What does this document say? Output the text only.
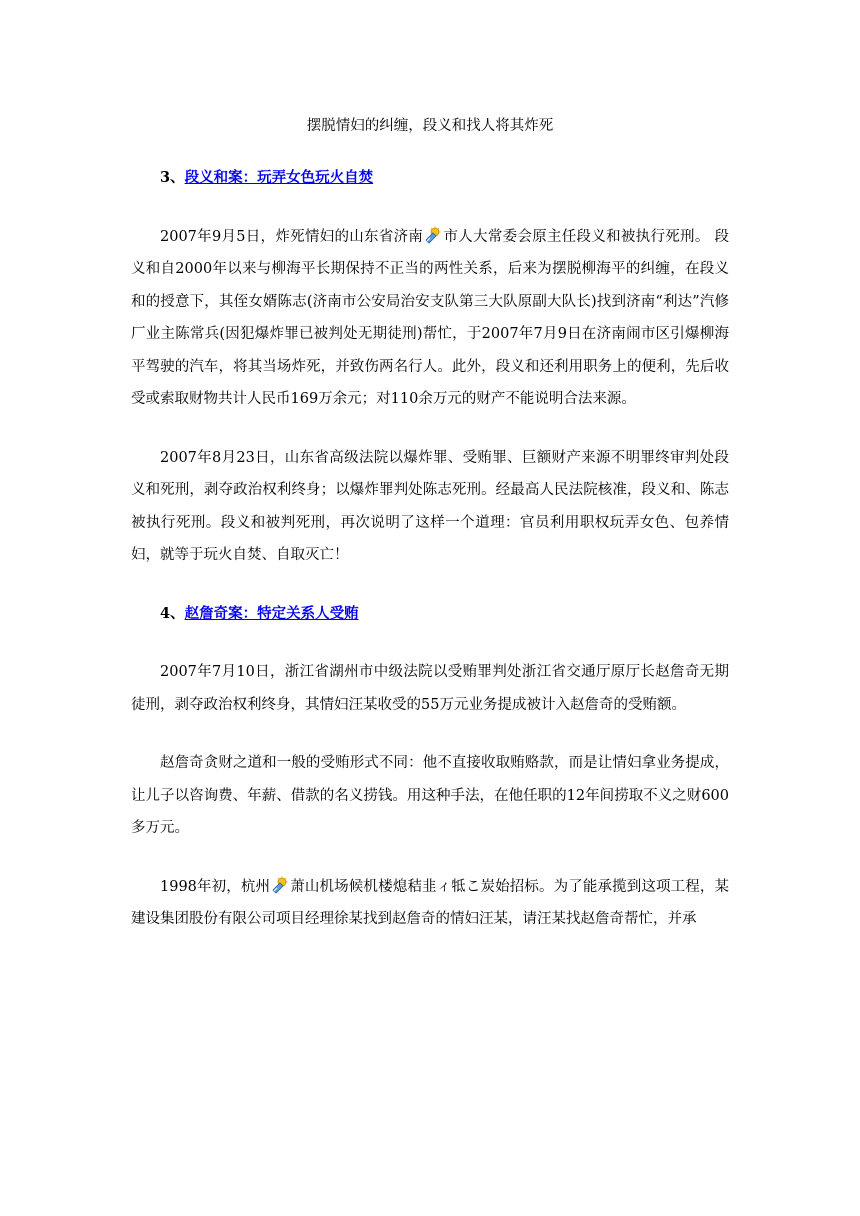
摆脱情妇的纠缠，段义和找人将其炸死

3、段义和案：玩弄女色玩火自焚

2007年9月5日，炸死情妇的山东省济南 市人大常委会原主任段义和被执行死刑。 段义和自2000年以来与柳海平长期保持不正当的两性关系，后来为摆脱柳海平的纠缠，在段义和的授意下，其侄女婿陈志(济南市公安局治安支队第三大队原副大队长)找到济南“利达”汽修厂业主陈常兵(因犯爆炸罪已被判处无期徒刑)帮忙，于2007年7月9日在济南闹市区引爆柳海平驾驶的汽车，将其当场炸死，并致伤两名行人。此外，段义和还利用职务上的便利，先后收受或索取财物共计人民币169万余元；对110余万元的财产不能说明合法来源。

2007年8月23日，山东省高级法院以爆炸罪、受贿罪、巨额财产来源不明罪终审判处段义和死刑，剥夺政治权利终身；以爆炸罪判处陈志死刑。经最高人民法院核准，段义和、陈志被执行死刑。段义和被判死刑，再次说明了这样一个道理：官员利用职权玩弄女色、包养情妇，就等于玩火自焚、自取灭亡！

4、赵詹奇案：特定关系人受贿

2007年7月10日，浙江省湖州市中级法院以受贿罪判处浙江省交通厅原厅长赵詹奇无期徒刑，剥夺政治权利终身，其情妇汪某收受的55万元业务提成被计入赵詹奇的受贿额。

赵詹奇贪财之道和一般的受贿形式不同：他不直接收取贿赂款，而是让情妇拿业务提成，让儿子以咨询费、年薪、借款的名义捞钱。用这种手法，在他任职的12年间捞取不义之财600多万元。

1998年初，杭州 萧山机场候机楼熄秸韭ィ牴こ炭始招标。为了能承揽到这项工程，某建设集团股份有限公司项目经理徐某找到赵詹奇的情妇汪某，请汪某找赵詹奇帮忙，并承
